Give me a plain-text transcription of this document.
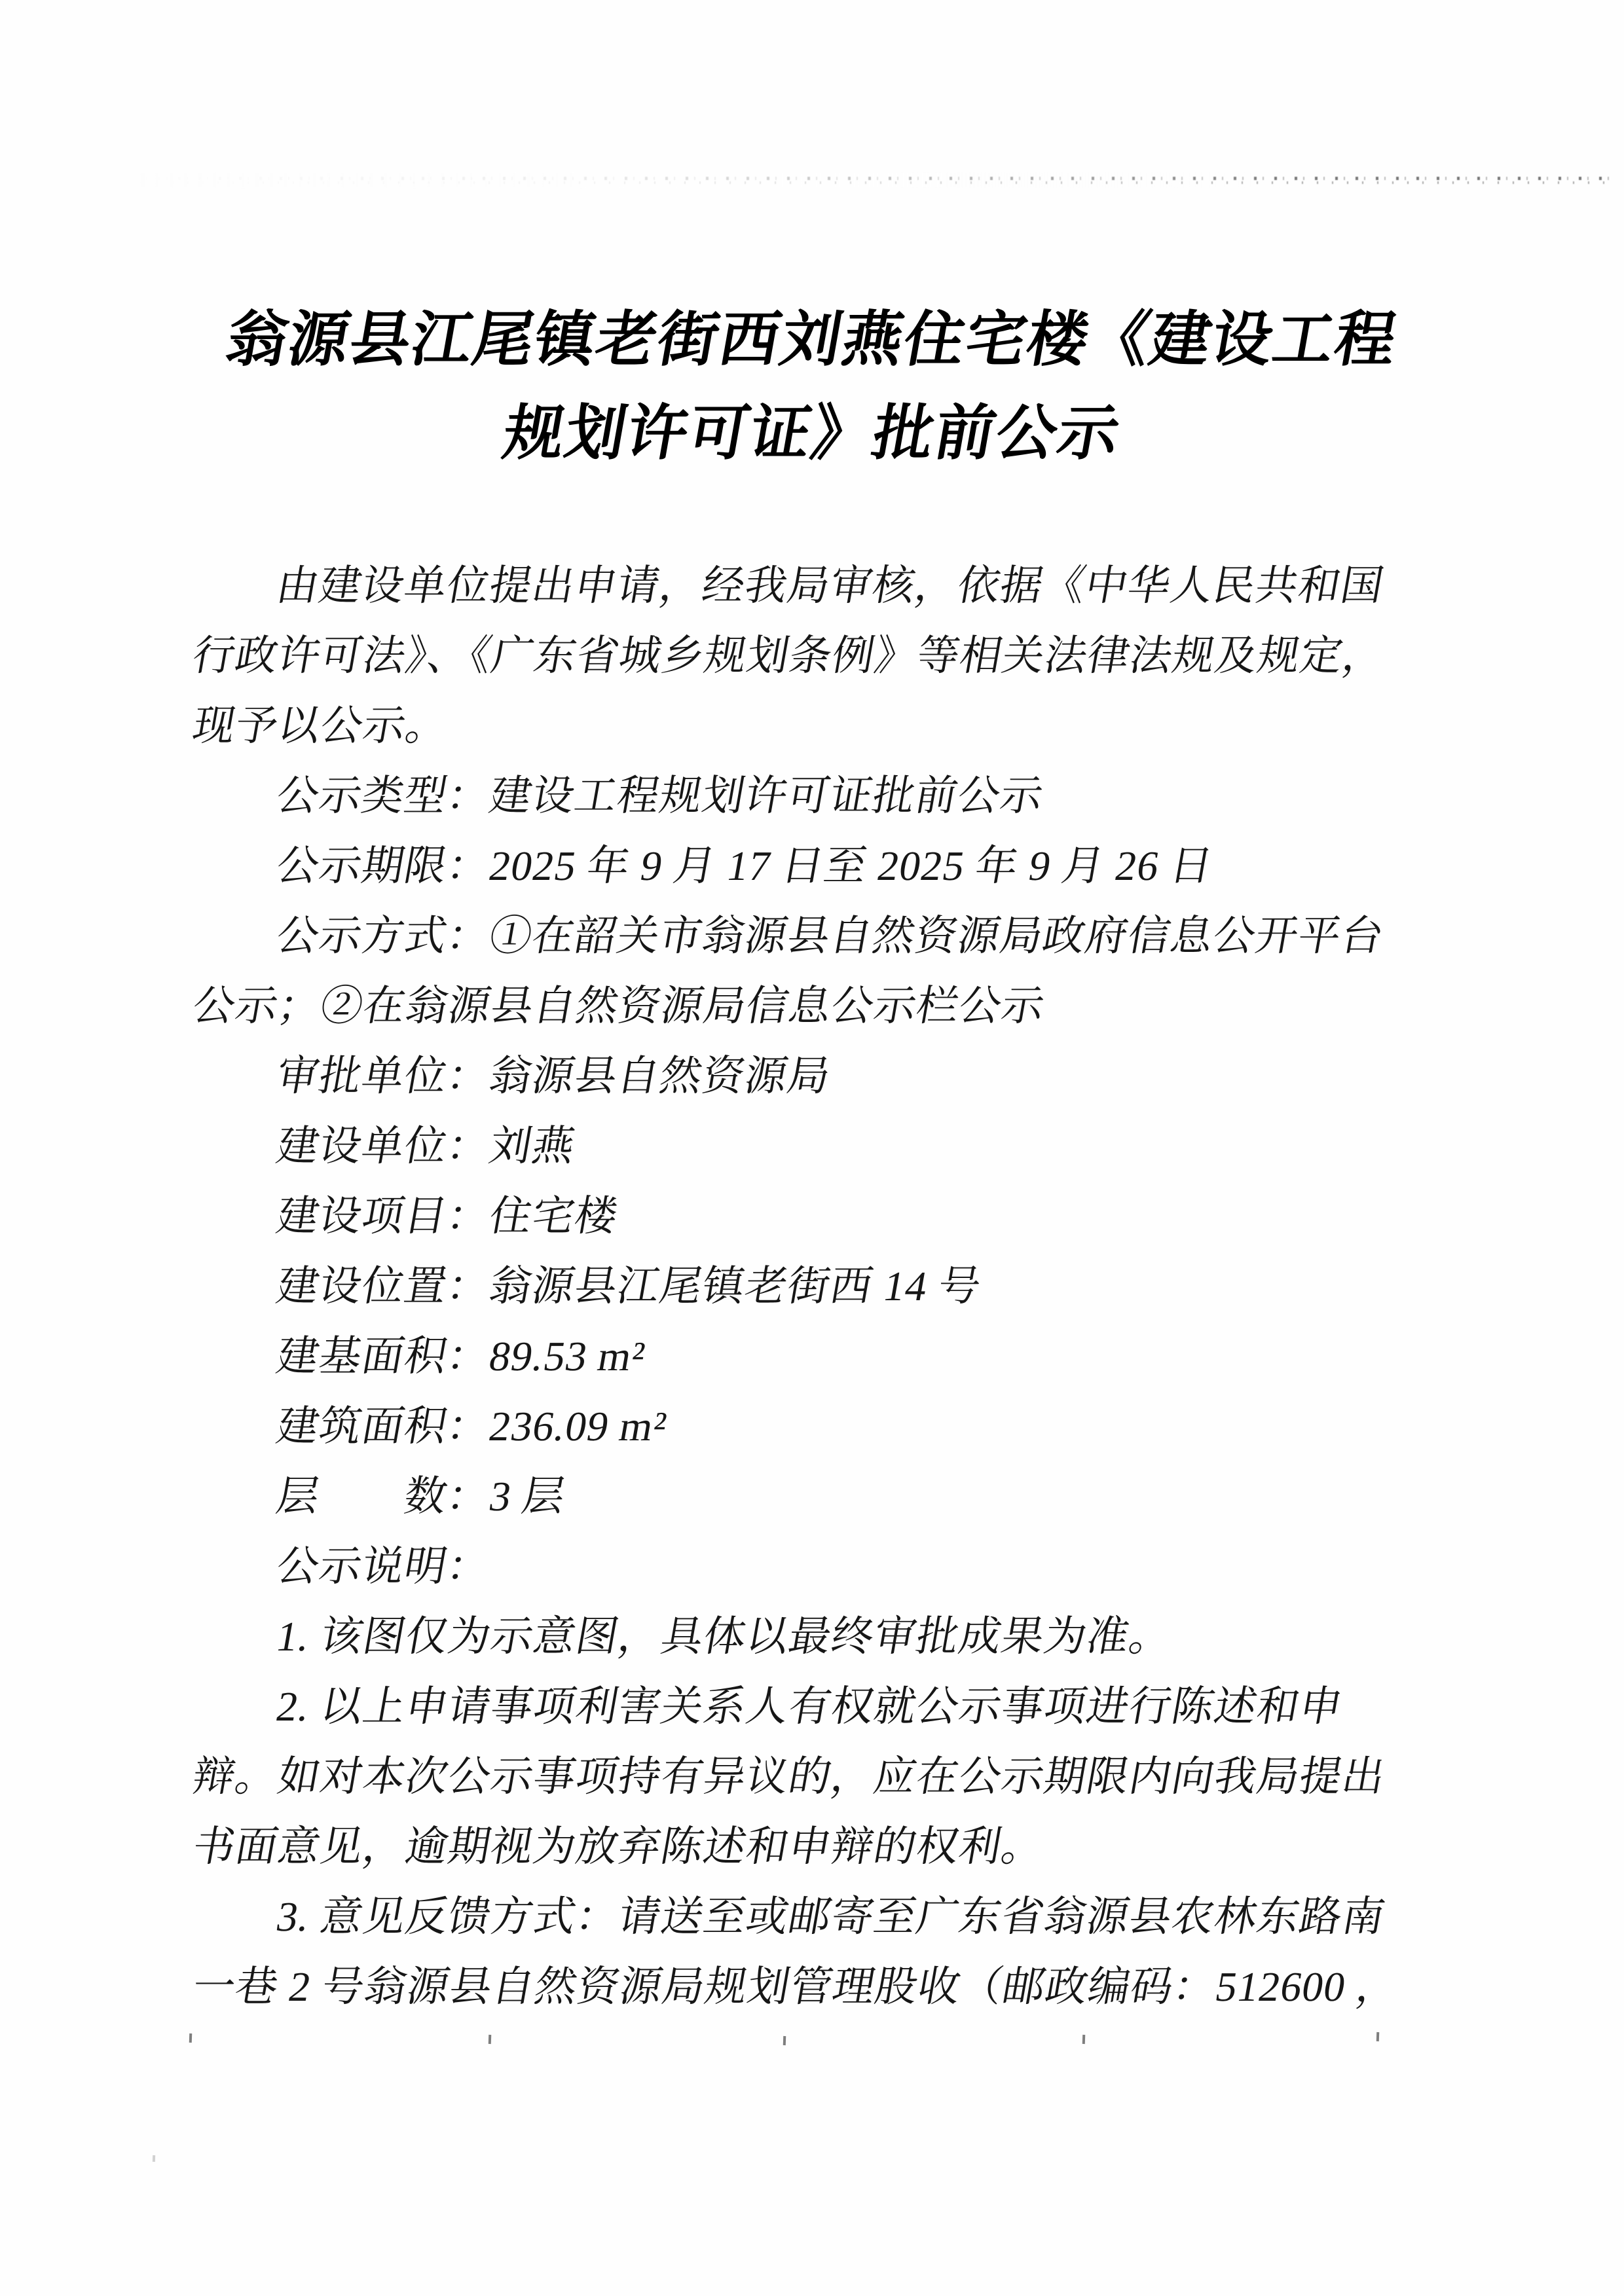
翁源县江尾镇老街西刘燕住宅楼《建设工程
规划许可证》批前公示
由建设单位提出申请，经我局审核，依据《中华人民共和国
行政许可法》、《广东省城乡规划条例》等相关法律法规及规定，
现予以公示。
公示类型：建设工程规划许可证批前公示
公示期限：2025 年 9 月 17 日至 2025 年 9 月 26 日
公示方式：①在韶关市翁源县自然资源局政府信息公开平台
公示；②在翁源县自然资源局信息公示栏公示
审批单位：翁源县自然资源局
建设单位：刘燕
建设项目：住宅楼
建设位置：翁源县江尾镇老街西 14 号
建基面积：89.53 m²
建筑面积：236.09 m²
层　　数：3 层
公示说明：
1. 该图仅为示意图，具体以最终审批成果为准。
2. 以上申请事项利害关系人有权就公示事项进行陈述和申
辩。如对本次公示事项持有异议的，应在公示期限内向我局提出
书面意见，逾期视为放弃陈述和申辩的权利。
3. 意见反馈方式：请送至或邮寄至广东省翁源县农林东路南
一巷 2 号翁源县自然资源局规划管理股收（邮政编码：512600 ，
